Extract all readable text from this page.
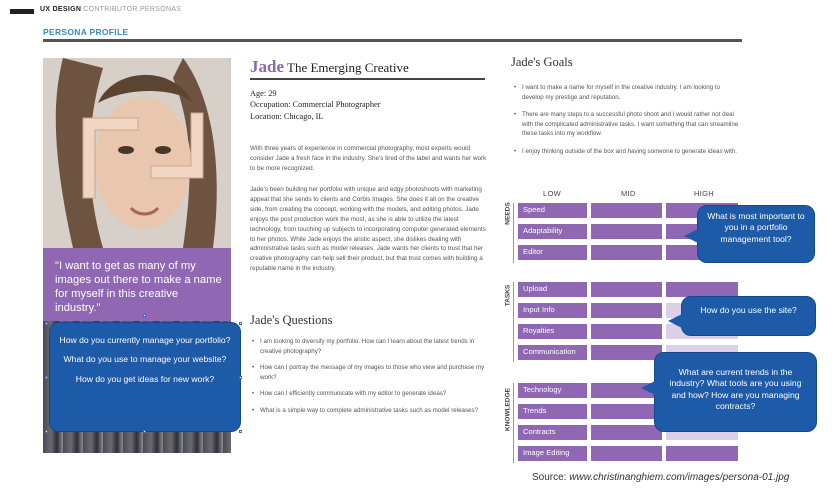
UX DESIGN CONTRIBUTOR PERSONAS
PERSONA PROFILE
"I want to get as many of my images out there to make a name for myself in this creative industry."
Jade The Emerging Creative
Age: 29
Occupation: Commercial Photographer
Location: Chicago, IL
With three years of experience in commercial photography, most experts would consider Jade a fresh face in the industry. She's tired of the label and wants her work to be more recognized.
Jade's been building her portfolio with unique and edgy photoshoots with marketing appeal that she sends to clients and Corbis Images. She does it all on the creative side, from creating the concept, working with the models, and editing photos. Jade enjoys the post production work the most, as she is able to utilize the latest technology, from touching up subjects to incorporating computer generated elements to her photos. While Jade enjoys the aristic aspect, she dislikes dealing with administrative tasks such as model releases. Jade wants her clients to trust that her creative photography can help sell their product, but that trust comes with building a reputable name in the industry.
Jade's Questions
• I am looking to diversify my portfolio. How can I learn about the latest trends in creative photography?
• How can I portray the message of my images to those who view and purchase my work?
• How can I efficiently communicate with my editor to generate ideas?
• What is a simple way to complete administrative tasks such as model releases?
Jade's Goals
• I want to make a name for myself in the creative industry. I am looking to develop my prestige and reputation.
• There are many steps to a successful photo shoot and I would rather not deal with the complicated administrative tasks. I want something that can streamline these tasks into my workflow.
• I enjoy thinking outside of the box and having someone to generate ideas with.
LOW	MID	HIGH
NEEDS
TASKS
KNOWLEDGE
Speed
Adaptability
Editor
Upload
Input Info
Royalties
Communication
Technology
Trends
Contracts
Image Editing

How do you currently manage your portfolio?

What do you use to manage your website?

How do you get ideas for new work?

What is most important to you in a portfolio management tool?
How do you use the site?
What are current trends in the industry? What tools are you using and how? How are you managing contracts?
Source: www.christinanghiem.com/images/persona-01.jpg
